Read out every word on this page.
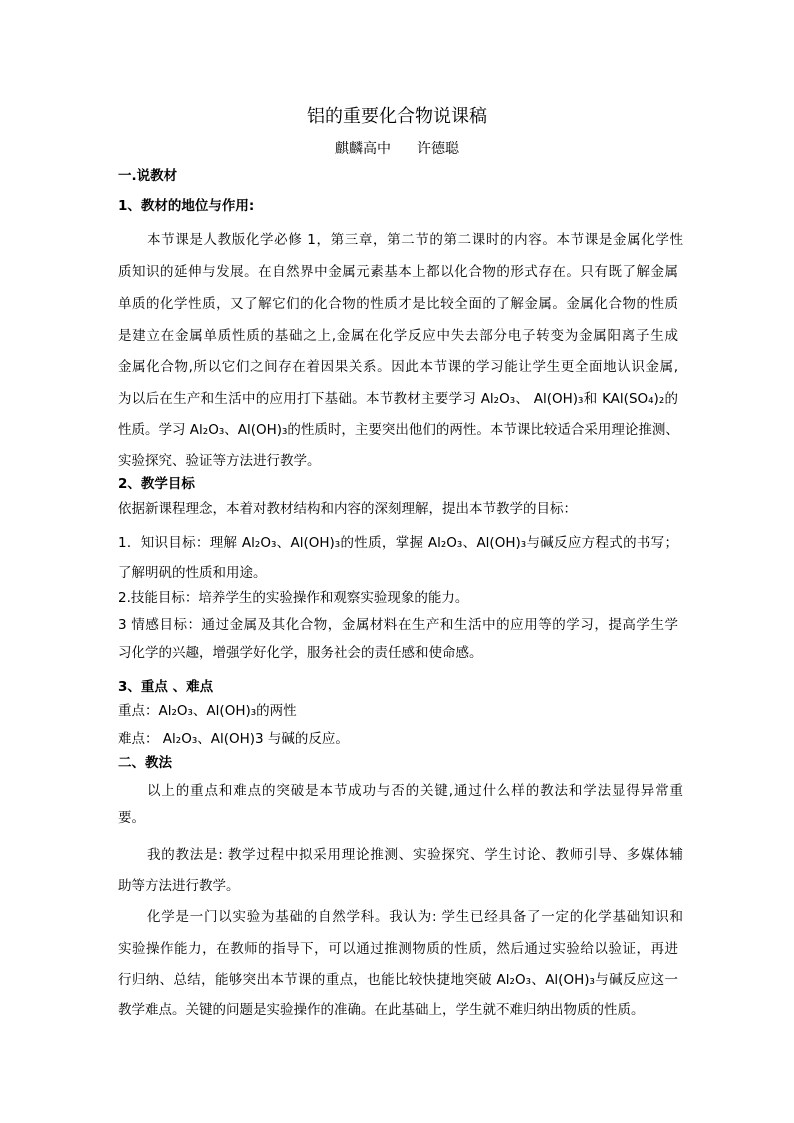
铝的重要化合物说课稿
麒麟高中 许德聪
一.说教材
1、教材的地位与作用:
本节课是人教版化学必修 1，第三章，第二节的第二课时的内容。本节课是金属化学性
质知识的延伸与发展。在自然界中金属元素基本上都以化合物的形式存在。只有既了解金属
单质的化学性质，又了解它们的化合物的性质才是比较全面的了解金属。金属化合物的性质
是建立在金属单质性质的基础之上,金属在化学反应中失去部分电子转变为金属阳离子生成
金属化合物,所以它们之间存在着因果关系。因此本节课的学习能让学生更全面地认识金属,
为以后在生产和生活中的应用打下基础。本节教材主要学习 Al₂O₃、 Al(OH)₃和 KAl(SO₄)₂的
性质。学习 Al₂O₃、Al(OH)₃的性质时，主要突出他们的两性。本节课比较适合采用理论推测、
实验探究、验证等方法进行教学。
2、教学目标
依据新课程理念，本着对教材结构和内容的深刻理解，提出本节教学的目标：
1．知识目标：理解 Al₂O₃、Al(OH)₃的性质，掌握 Al₂O₃、Al(OH)₃与碱反应方程式的书写；
了解明矾的性质和用途。
2.技能目标：培养学生的实验操作和观察实验现象的能力。
3 情感目标：通过金属及其化合物，金属材料在生产和生活中的应用等的学习，提高学生学
习化学的兴趣，增强学好化学，服务社会的责任感和使命感。
3、重点 、难点
重点：Al₂O₃、Al(OH)₃的两性
难点： Al₂O₃、Al(OH)3 与碱的反应。
二、教法
以上的重点和难点的突破是本节成功与否的关键,通过什么样的教法和学法显得异常重
要。
我的教法是: 教学过程中拟采用理论推测、实验探究、学生讨论、教师引导、多媒体辅
助等方法进行教学。
化学是一门以实验为基础的自然学科。我认为: 学生已经具备了一定的化学基础知识和
实验操作能力，在教师的指导下，可以通过推测物质的性质，然后通过实验给以验证，再进
行归纳、总结，能够突出本节课的重点，也能比较快捷地突破 Al₂O₃、Al(OH)₃与碱反应这一
教学难点。关键的问题是实验操作的准确。在此基础上，学生就不难归纳出物质的性质。
